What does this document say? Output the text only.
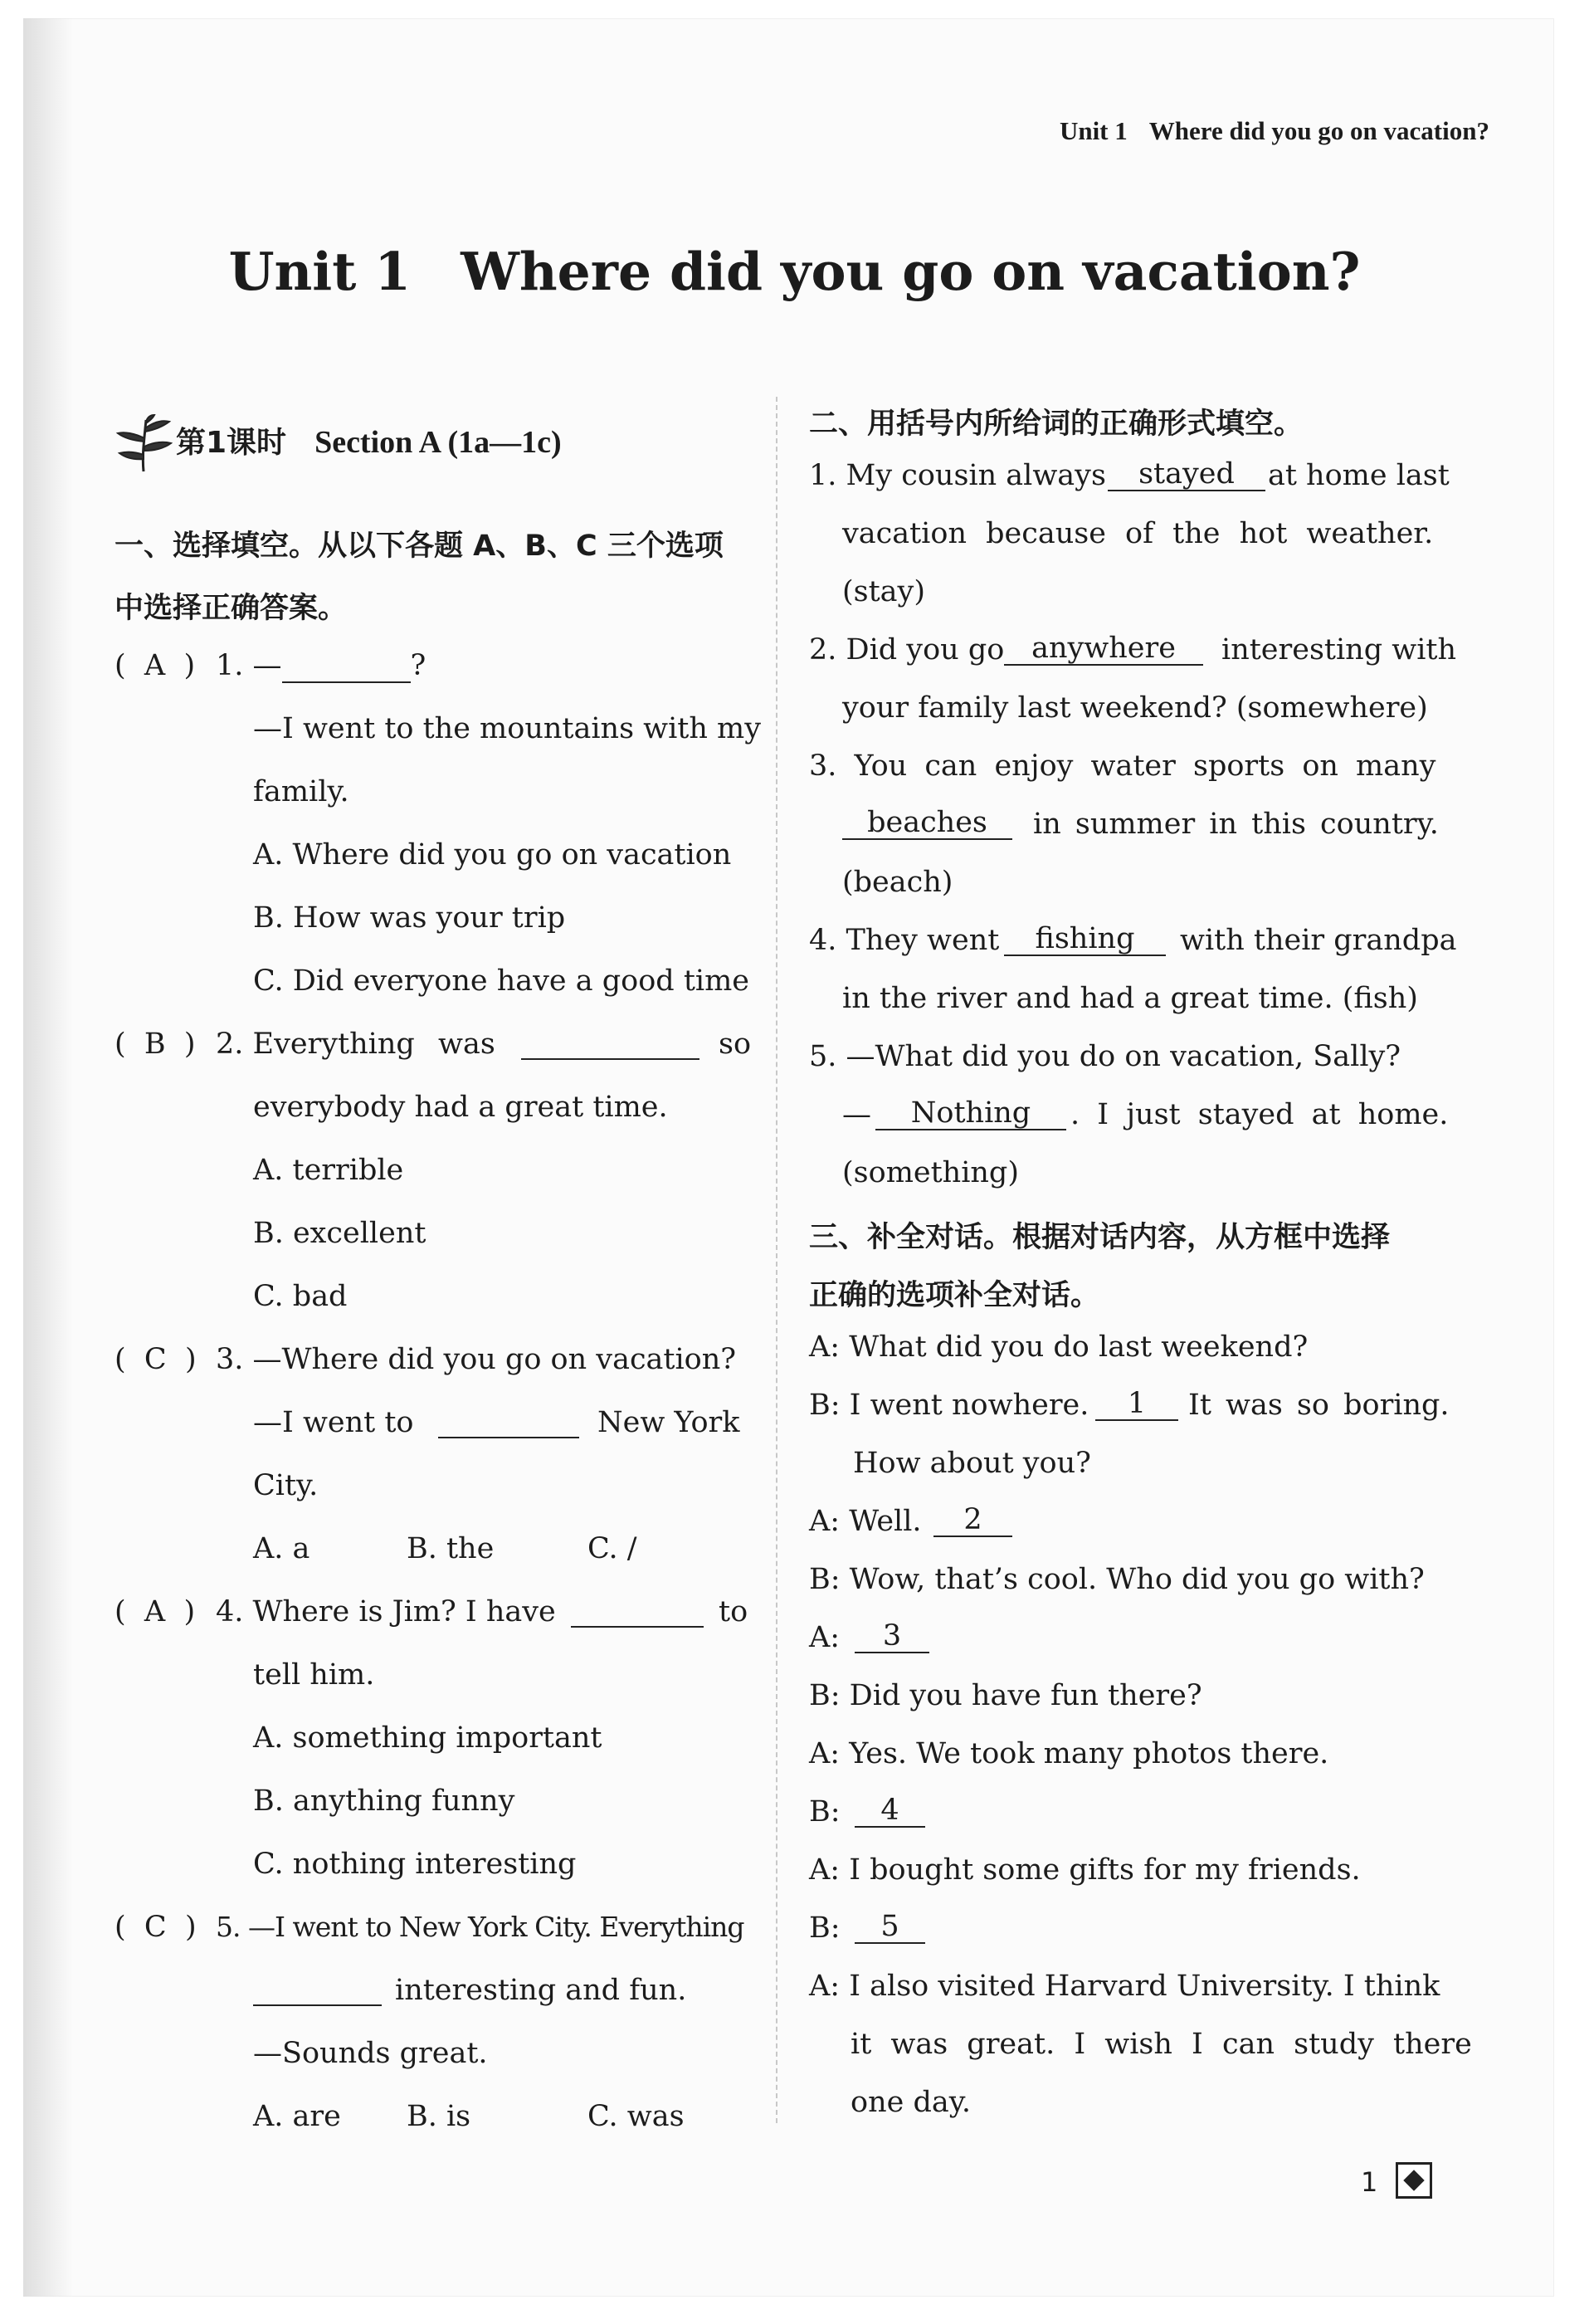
Unit 1 Where did you go on vacation?
Unit 1 Where did you go on vacation?
第1课时 Section A (1a—1c)
一、选择填空。从以下各题 A、B、C 三个选项
中选择正确答案。
(  A  ) 1. —	?
—I went to the mountains with my
family.
A. Where did you go on vacation
B. How was your trip
C. Did everyone have a good time
(  B  ) 2. Everything was
	so
everybody had a great time.
A. terrible
B. excellent
C. bad
(  C  ) 3. —Where did you go on vacation?
—I went to
	New York
City.
A. a	B. the	C. /
(  A  ) 4. Where is Jim? I have
	to
tell him.
A. something important
B. anything funny
C. nothing interesting
(  C  ) 5. —I went to New York City. Everything

interesting and fun.
—Sounds great.
A. are B. is	C. was
二、用括号内所给词的正确形式填空。
1. My cousin always	stayed	at home last
vacation because of the hot weather.
(stay)
2. Did you go anywhere	interesting with
your family last weekend? (somewhere)
3. You can enjoy water sports on many
beaches	in summer in this country.
(beach)
4. They went	fishing	with their grandpa
in the river and had a great time. (fish)
5. —What did you do on vacation, Sally?
—	Nothing	. I just stayed at home.
(something)
三、补全对话。根据对话内容，从方框中选择
正确的选项补全对话。
A: What did you do last weekend?
B: I went nowhere.	1	It was so boring.
How about you?
A: Well.	2
B: Wow, that’s cool. Who did you go with?
A:	3
B: Did you have fun there?
A: Yes. We took many photos there.
B:	4
A: I bought some gifts for my friends.
B:	5
A: I also visited Harvard University. I think
it was great. I wish I can study there
one day.
1
